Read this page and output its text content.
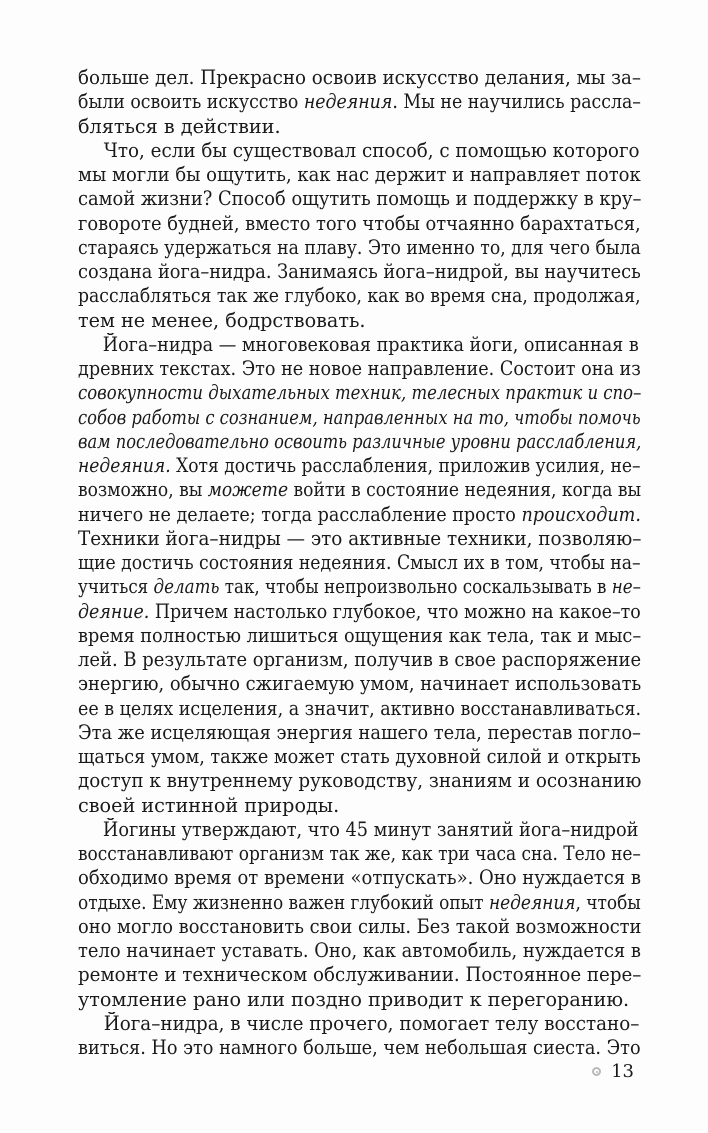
больше дел. Прекрасно освоив искусство делания, мы за–
были освоить искусство недеяния. Мы не научились рассла–
бляться в действии.
Что, если бы существовал способ, с помощью которого
мы могли бы ощутить, как нас держит и направляет поток
самой жизни? Способ ощутить помощь и поддержку в кру–
говороте будней, вместо того чтобы отчаянно барахтаться,
стараясь удержаться на плаву. Это именно то, для чего была
создана йога–нидра. Занимаясь йога–нидрой, вы научитесь
расслабляться так же глубоко, как во время сна, продолжая,
тем не менее, бодрствовать.
Йога–нидра — многовековая практика йоги, описанная в
древних текстах. Это не новое направление. Состоит она из
совокупности дыхательных техник, телесных практик и спо–
собов работы с сознанием, направленных на то, чтобы помочь
вам последовательно освоить различные уровни расслабления,
недеяния. Хотя достичь расслабления, приложив усилия, не–
возможно, вы можете войти в состояние недеяния, когда вы
ничего не делаете; тогда расслабление просто происходит.
Техники йога–нидры — это активные техники, позволяю–
щие достичь состояния недеяния. Смысл их в том, чтобы на–
учиться делать так, чтобы непроизвольно соскальзывать в не–
деяние. Причем настолько глубокое, что можно на какое–то
время полностью лишиться ощущения как тела, так и мыс–
лей. В результате организм, получив в свое распоряжение
энергию, обычно сжигаемую умом, начинает использовать
ее в целях исцеления, а значит, активно восстанавливаться.
Эта же исцеляющая энергия нашего тела, перестав погло–
щаться умом, также может стать духовной силой и открыть
доступ к внутреннему руководству, знаниям и осознанию
своей истинной природы.
Йогины утверждают, что 45 минут занятий йога–нидрой
восстанавливают организм так же, как три часа сна. Тело не–
обходимо время от времени «отпускать». Оно нуждается в
отдыхе. Ему жизненно важен глубокий опыт недеяния, чтобы
оно могло восстановить свои силы. Без такой возможности
тело начинает уставать. Оно, как автомобиль, нуждается в
ремонте и техническом обслуживании. Постоянное пере–
утомление рано или поздно приводит к перегоранию.
Йога–нидра, в числе прочего, помогает телу восстано–
виться. Но это намного больше, чем небольшая сиеста. Это
13
